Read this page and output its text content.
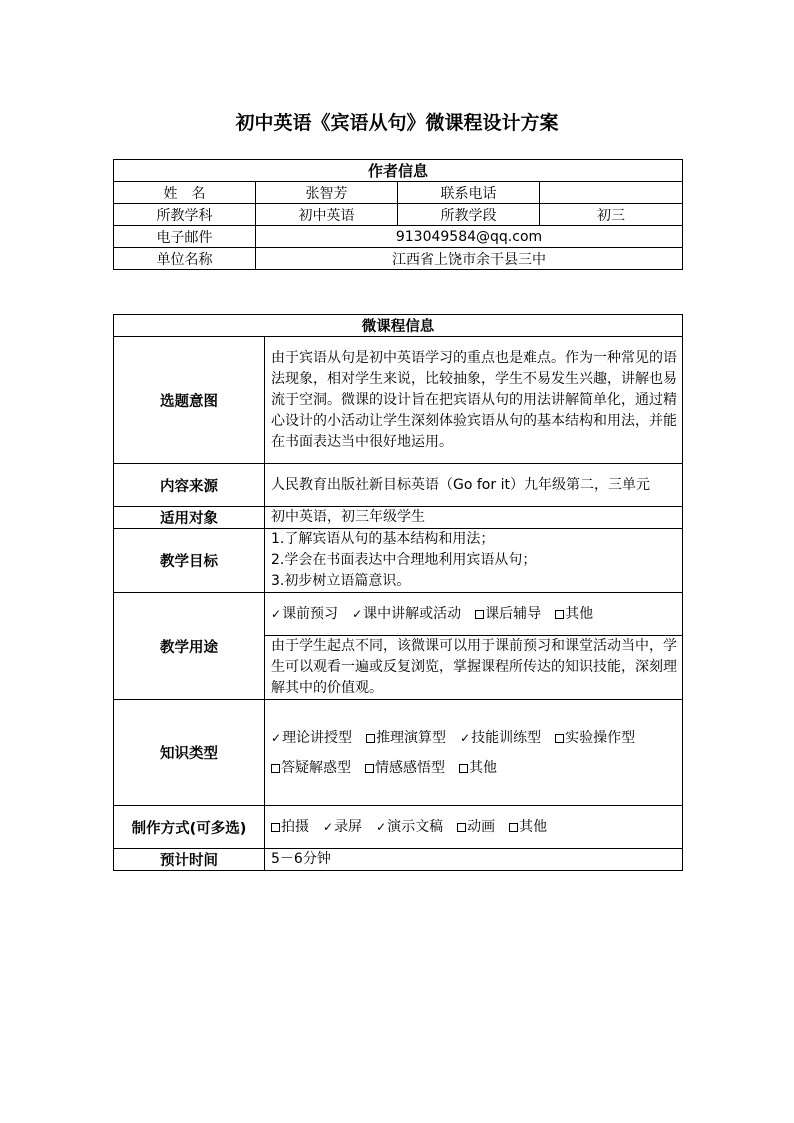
初中英语《宾语从句》微课程设计方案
作者信息			
姓　名	张智芳	联系电话	
所教学科	初中英语	所教学段	初三
电子邮件	913049584@qq.com		
单位名称	江西省上饶市余干县三中		
微课程信息	
选题意图	由于宾语从句是初中英语学习的重点也是难点。作为一种常见的语法现象，相对学生来说，比较抽象，学生不易发生兴趣，讲解也易流于空洞。微课的设计旨在把宾语从句的用法讲解简单化，通过精心设计的小活动让学生深刻体验宾语从句的基本结构和用法，并能在书面表达当中很好地运用。
内容来源	人民教育出版社新目标英语（Go for it）九年级第二，三单元
适用对象	初中英语，初三年级学生
教学目标	1.了解宾语从句的基本结构和用法；
2.学会在书面表达中合理地利用宾语从句；
3.初步树立语篇意识。

教学用途	✓课前预习 ✓课中讲解或活动 课后辅导 其他
	由于学生起点不同，该微课可以用于课前预习和课堂活动当中，学生可以观看一遍或反复浏览，掌握课程所传达的知识技能，深刻理解其中的价值观。
知识类型	✓理论讲授型 推理演算型 ✓技能训练型 实验操作型
答疑解惑型 情感感悟型 其他

制作方式(可多选)	拍摄 ✓录屏 ✓演示文稿 动画 其他
预计时间	5－6分钟
